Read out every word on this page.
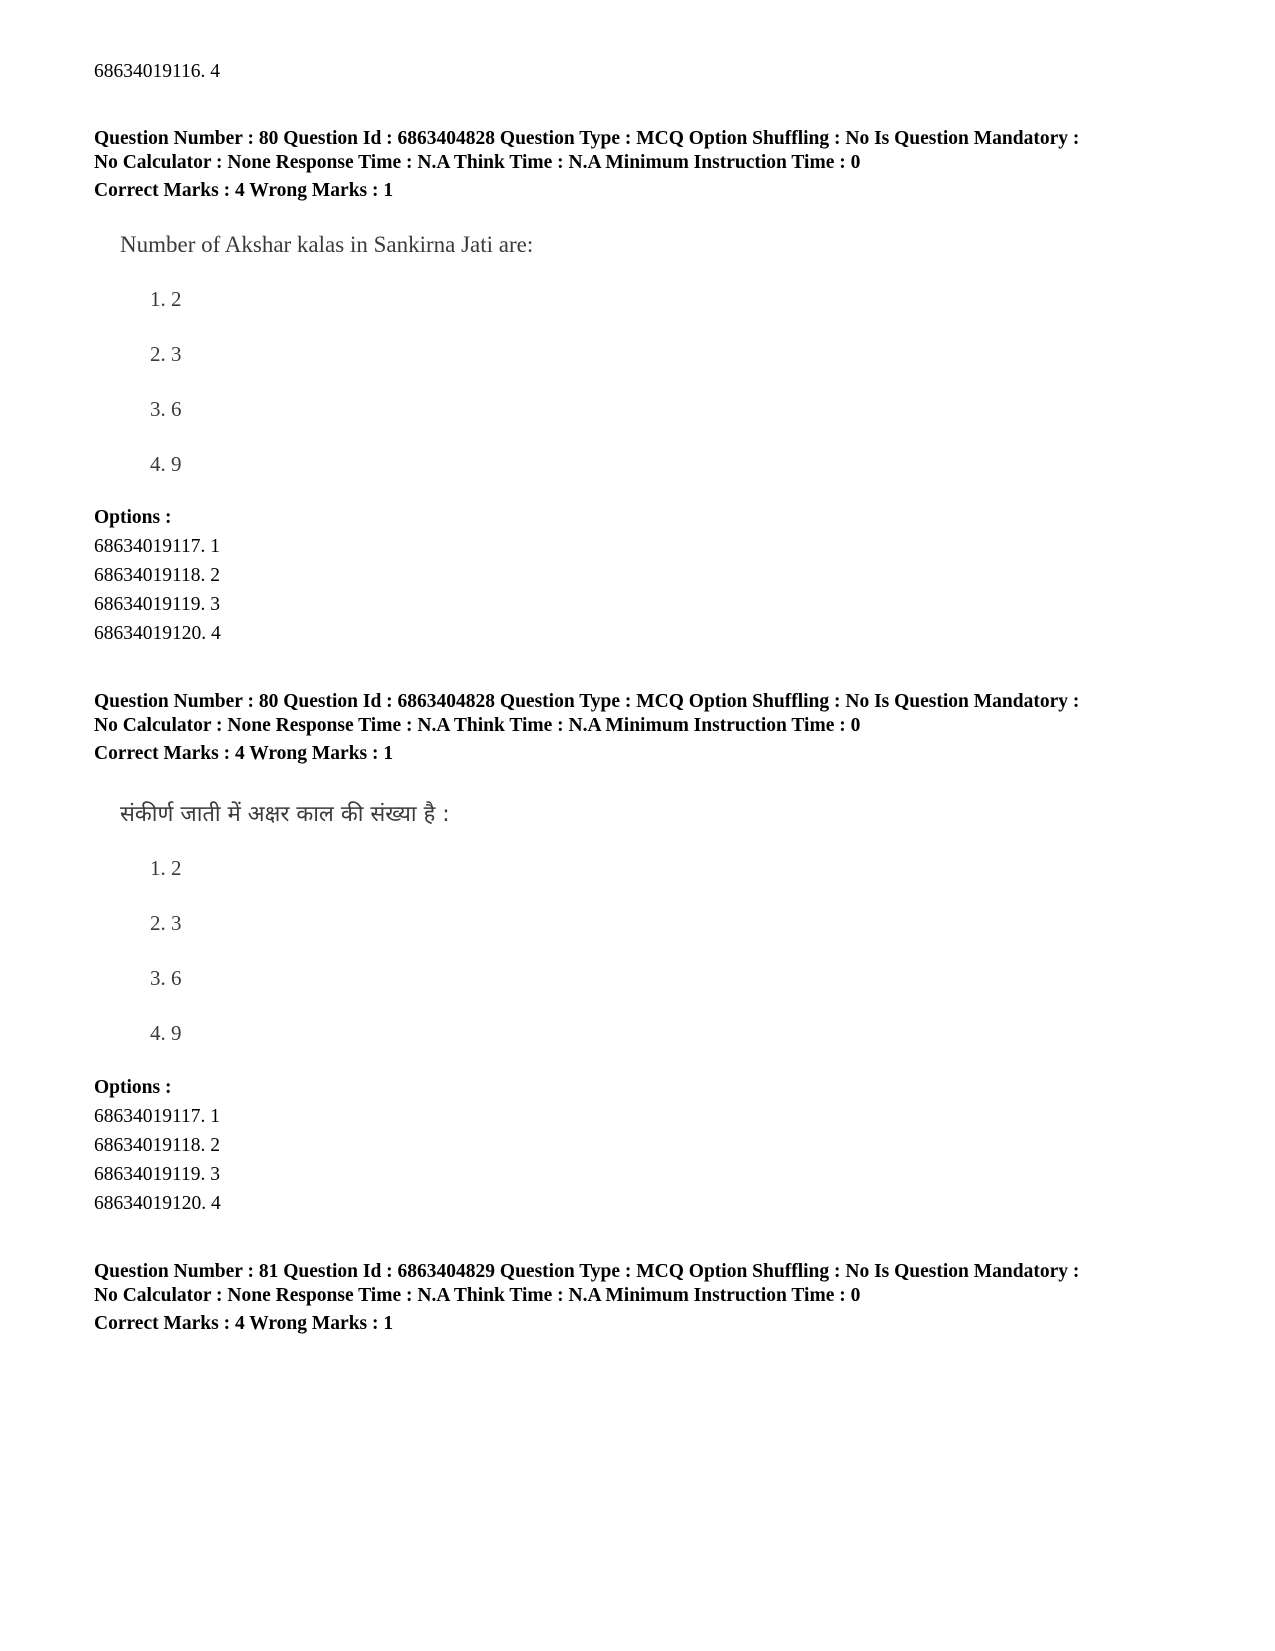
68634019116. 4
Question Number : 80 Question Id : 6863404828 Question Type : MCQ Option Shuffling : No Is Question Mandatory :
No Calculator : None Response Time : N.A Think Time : N.A Minimum Instruction Time : 0
Correct Marks : 4 Wrong Marks : 1
Number of Akshar kalas in Sankirna Jati are:
1. 2
2. 3
3. 6
4. 9
Options :
68634019117. 1
68634019118. 2
68634019119. 3
68634019120. 4
Question Number : 80 Question Id : 6863404828 Question Type : MCQ Option Shuffling : No Is Question Mandatory :
No Calculator : None Response Time : N.A Think Time : N.A Minimum Instruction Time : 0
Correct Marks : 4 Wrong Marks : 1
संकीर्ण जाती में अक्षर काल की संख्या है :
1. 2
2. 3
3. 6
4. 9
Options :
68634019117. 1
68634019118. 2
68634019119. 3
68634019120. 4
Question Number : 81 Question Id : 6863404829 Question Type : MCQ Option Shuffling : No Is Question Mandatory :
No Calculator : None Response Time : N.A Think Time : N.A Minimum Instruction Time : 0
Correct Marks : 4 Wrong Marks : 1
